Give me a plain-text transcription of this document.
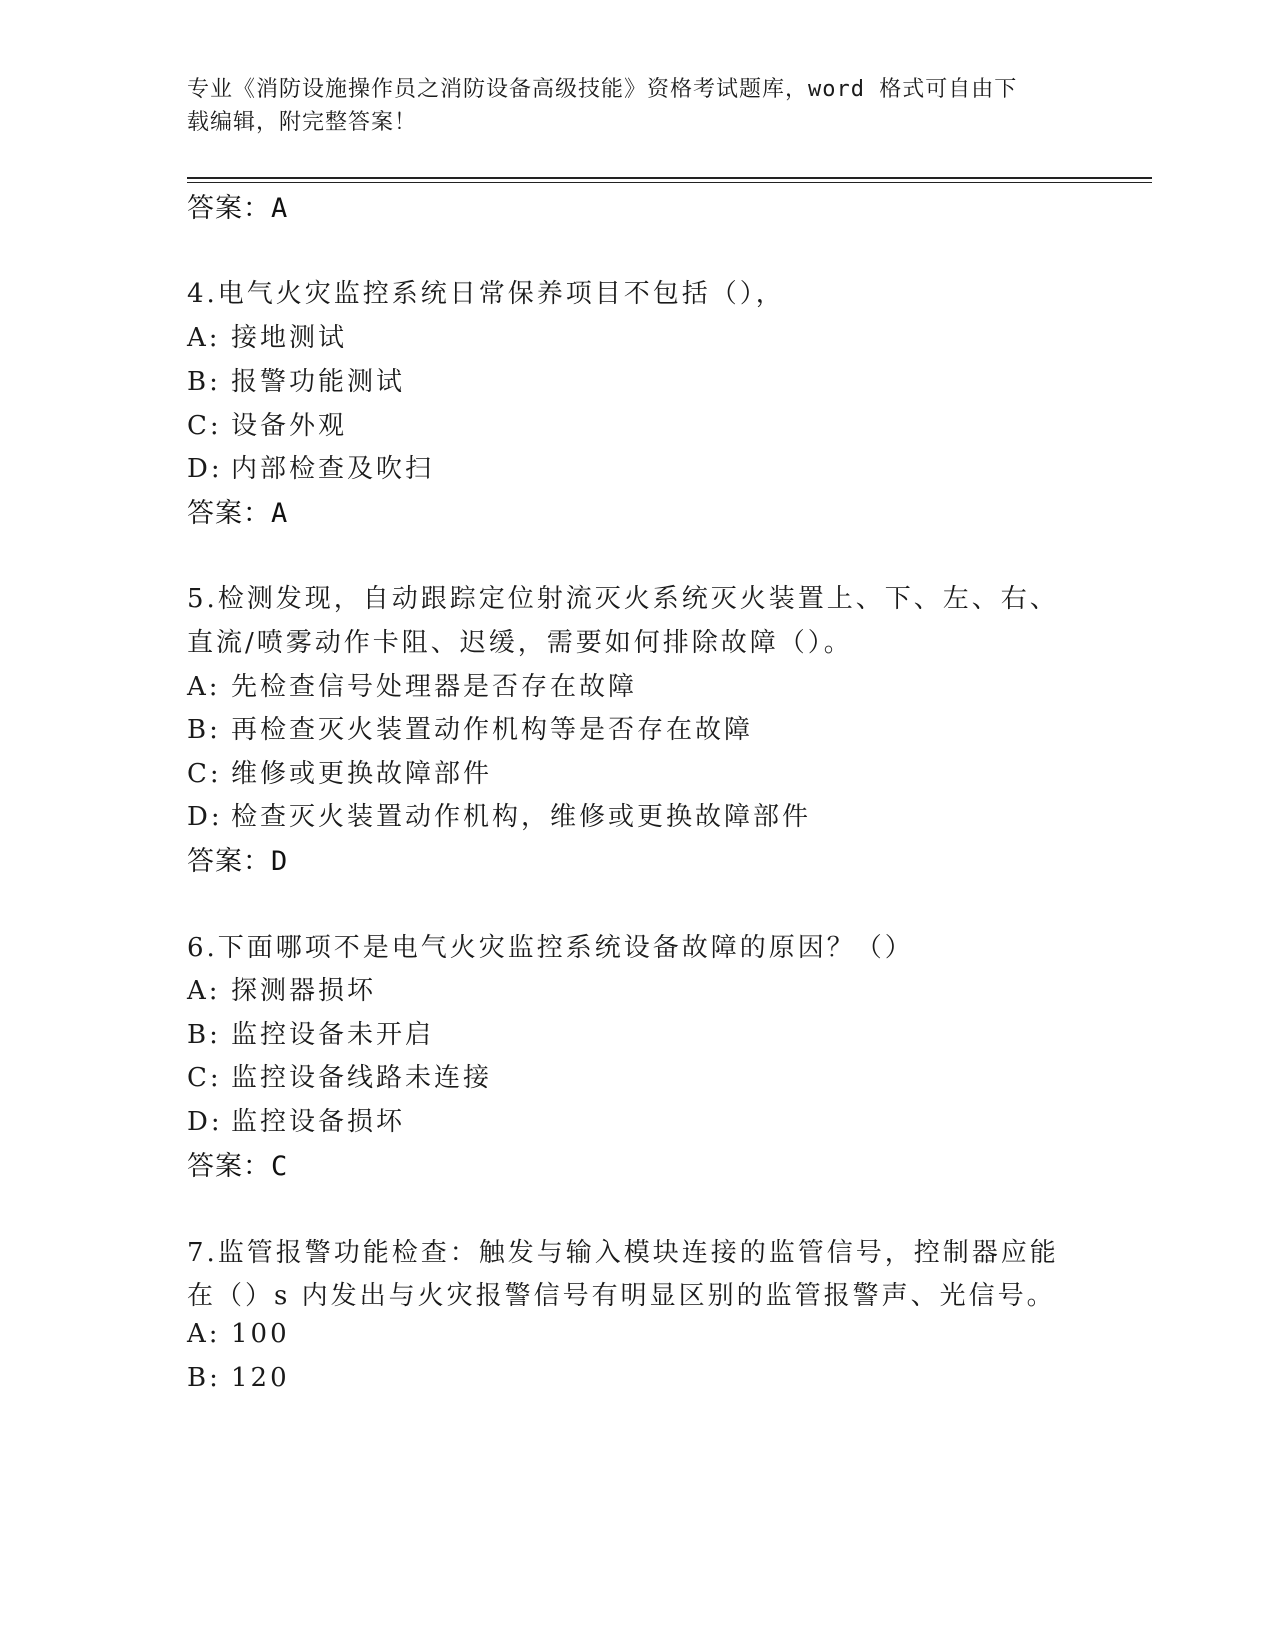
专业《消防设施操作员之消防设备高级技能》资格考试题库，word 格式可自由下
载编辑，附完整答案！
答案：A
4.电气火灾监控系统日常保养项目不包括（），
A: 接地测试
B: 报警功能测试
C: 设备外观
D: 内部检查及吹扫
答案：A
5.检测发现，自动跟踪定位射流灭火系统灭火装置上、下、左、右、
直流/喷雾动作卡阻、迟缓，需要如何排除故障（）。
A: 先检查信号处理器是否存在故障
B: 再检查灭火装置动作机构等是否存在故障
C: 维修或更换故障部件
D: 检查灭火装置动作机构，维修或更换故障部件
答案：D
6.下面哪项不是电气火灾监控系统设备故障的原因？（）
A: 探测器损坏
B: 监控设备未开启
C: 监控设备线路未连接
D: 监控设备损坏
答案：C
7.监管报警功能检查：触发与输入模块连接的监管信号，控制器应能
在（）s 内发出与火灾报警信号有明显区别的监管报警声、光信号。
A: 100
B: 120
